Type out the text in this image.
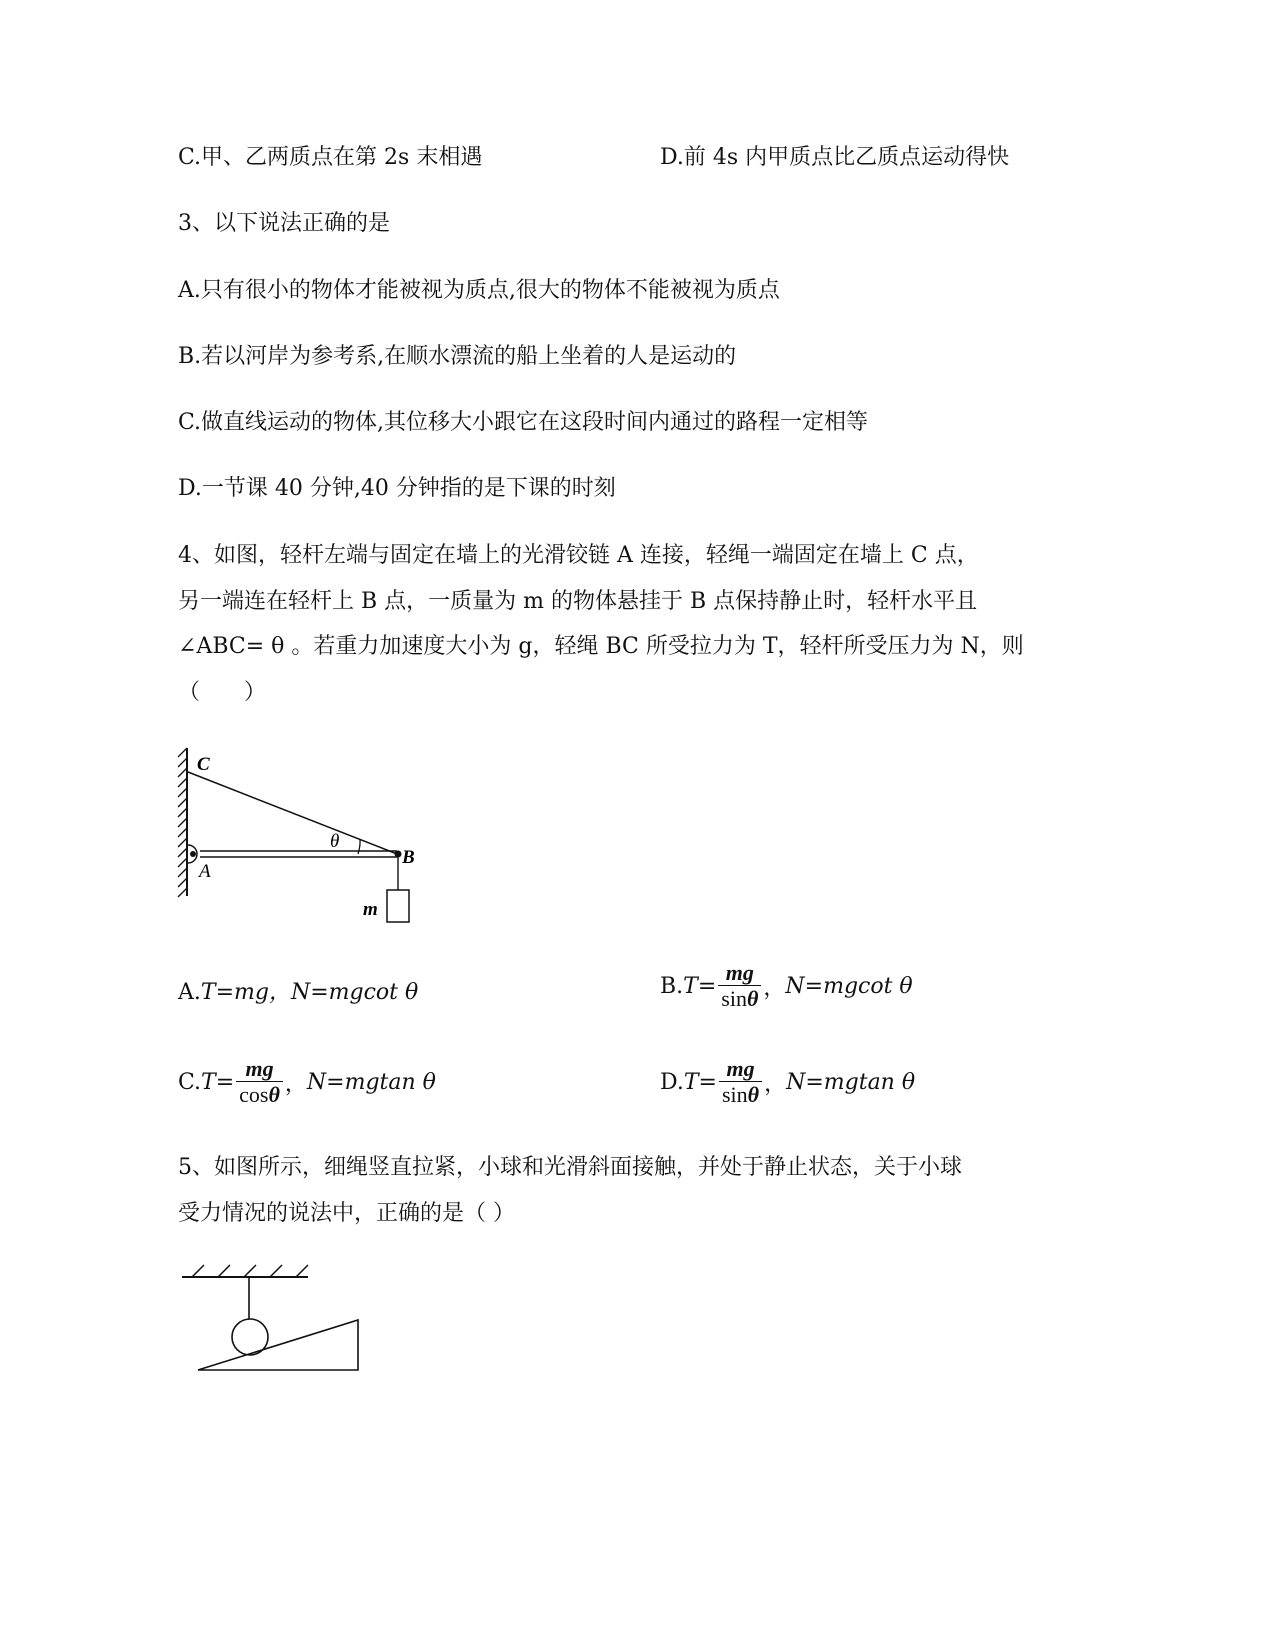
C.甲、乙两质点在第 2s 末相遇	D.前 4s 内甲质点比乙质点运动得快
3、以下说法正确的是
A.只有很小的物体才能被视为质点,很大的物体不能被视为质点
B.若以河岸为参考系,在顺水漂流的船上坐着的人是运动的
C.做直线运动的物体,其位移大小跟它在这段时间内通过的路程一定相等
D.一节课 40 分钟,40 分钟指的是下课的时刻
4、如图，轻杆左端与固定在墙上的光滑铰链 A 连接，轻绳一端固定在墙上 C 点，
另一端连在轻杆上 B 点，一质量为 m 的物体悬挂于 B 点保持静止时，轻杆水平且
∠ABC= θ 。若重力加速度大小为 g，轻绳 BC 所受拉力为 T，轻杆所受压力为 N，则
（　　）
C
A
B
θ
m
A.T=mg，N=mgcot θ	$B.T= \frac{mg}{\sin\theta}$ ，N=mgcot θ
$C.T= \frac{mg}{\cos\theta}$ ，N=mgtan θ	$D.T= \frac{mg}{\sin\theta}$ ，N=mgtan θ
5、如图所示，细绳竖直拉紧，小球和光滑斜面接触，并处于静止状态，关于小球
受力情况的说法中，正确的是（ ）
